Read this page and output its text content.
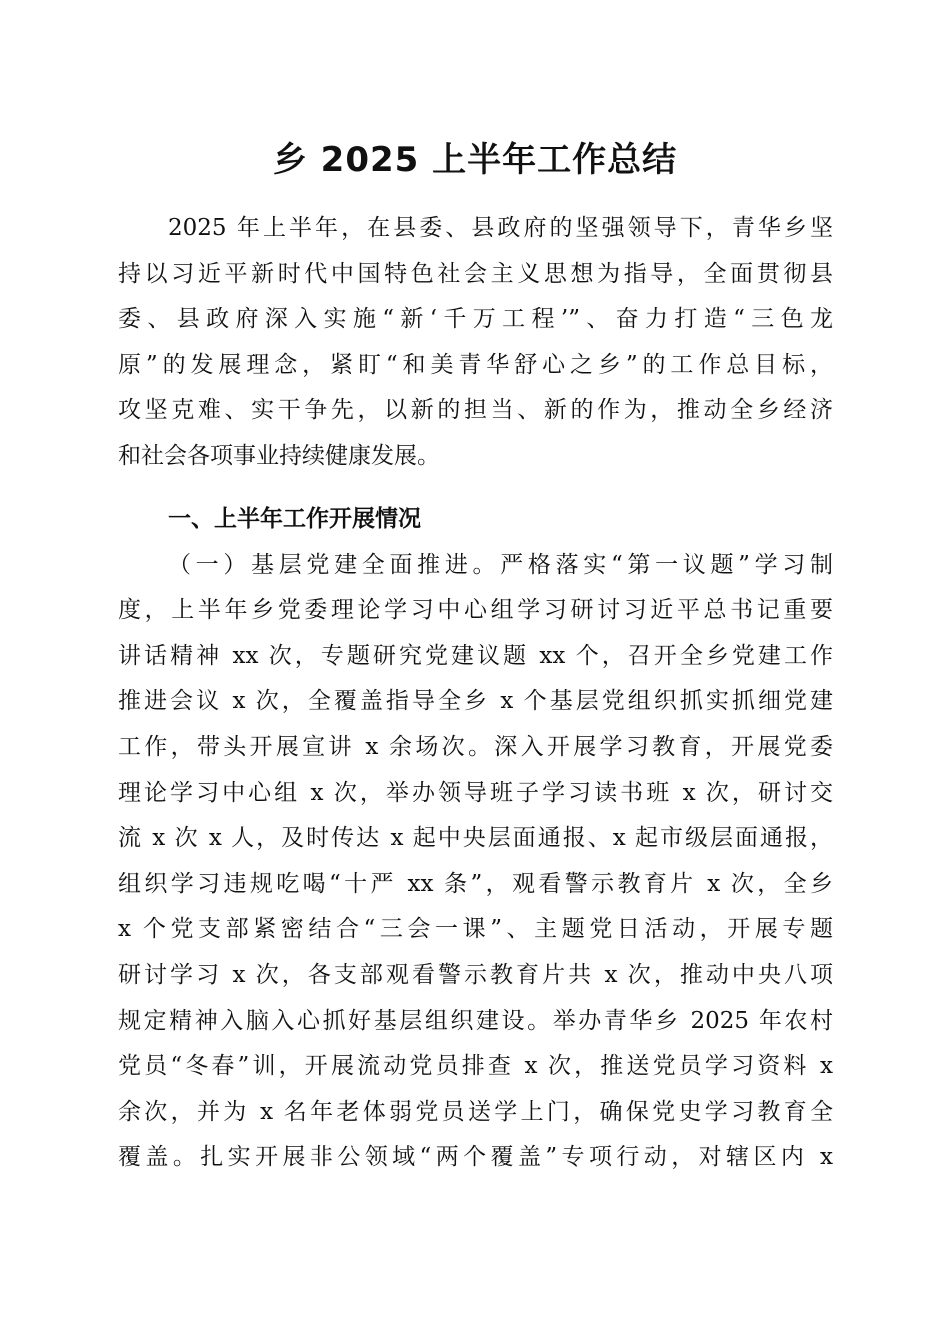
乡 2025 上半年工作总结
2025 年上半年，在县委、县政府的坚强领导下，青华乡坚
持以习近平新时代中国特色社会主义思想为指导，全面贯彻县
委、县政府深入实施“新‘千万工程’”、奋力打造“三色龙
原”的发展理念，紧盯“和美青华舒心之乡”的工作总目标，
攻坚克难、实干争先，以新的担当、新的作为，推动全乡经济
和社会各项事业持续健康发展。
一、上半年工作开展情况
（一）基层党建全面推进。严格落实“第一议题”学习制
度，上半年乡党委理论学习中心组学习研讨习近平总书记重要
讲话精神 xx 次，专题研究党建议题 xx 个，召开全乡党建工作
推进会议 x 次，全覆盖指导全乡 x 个基层党组织抓实抓细党建
工作，带头开展宣讲 x 余场次。深入开展学习教育，开展党委
理论学习中心组 x 次，举办领导班子学习读书班 x 次，研讨交
流 x 次 x 人，及时传达 x 起中央层面通报、x 起市级层面通报，
组织学习违规吃喝“十严 xx 条”，观看警示教育片 x 次，全乡
x 个党支部紧密结合“三会一课”、主题党日活动，开展专题
研讨学习 x 次，各支部观看警示教育片共 x 次，推动中央八项
规定精神入脑入心抓好基层组织建设。举办青华乡 2025 年农村
党员“冬春”训，开展流动党员排查 x 次，推送党员学习资料 x
余次，并为 x 名年老体弱党员送学上门，确保党史学习教育全
覆盖。扎实开展非公领域“两个覆盖”专项行动，对辖区内 x
